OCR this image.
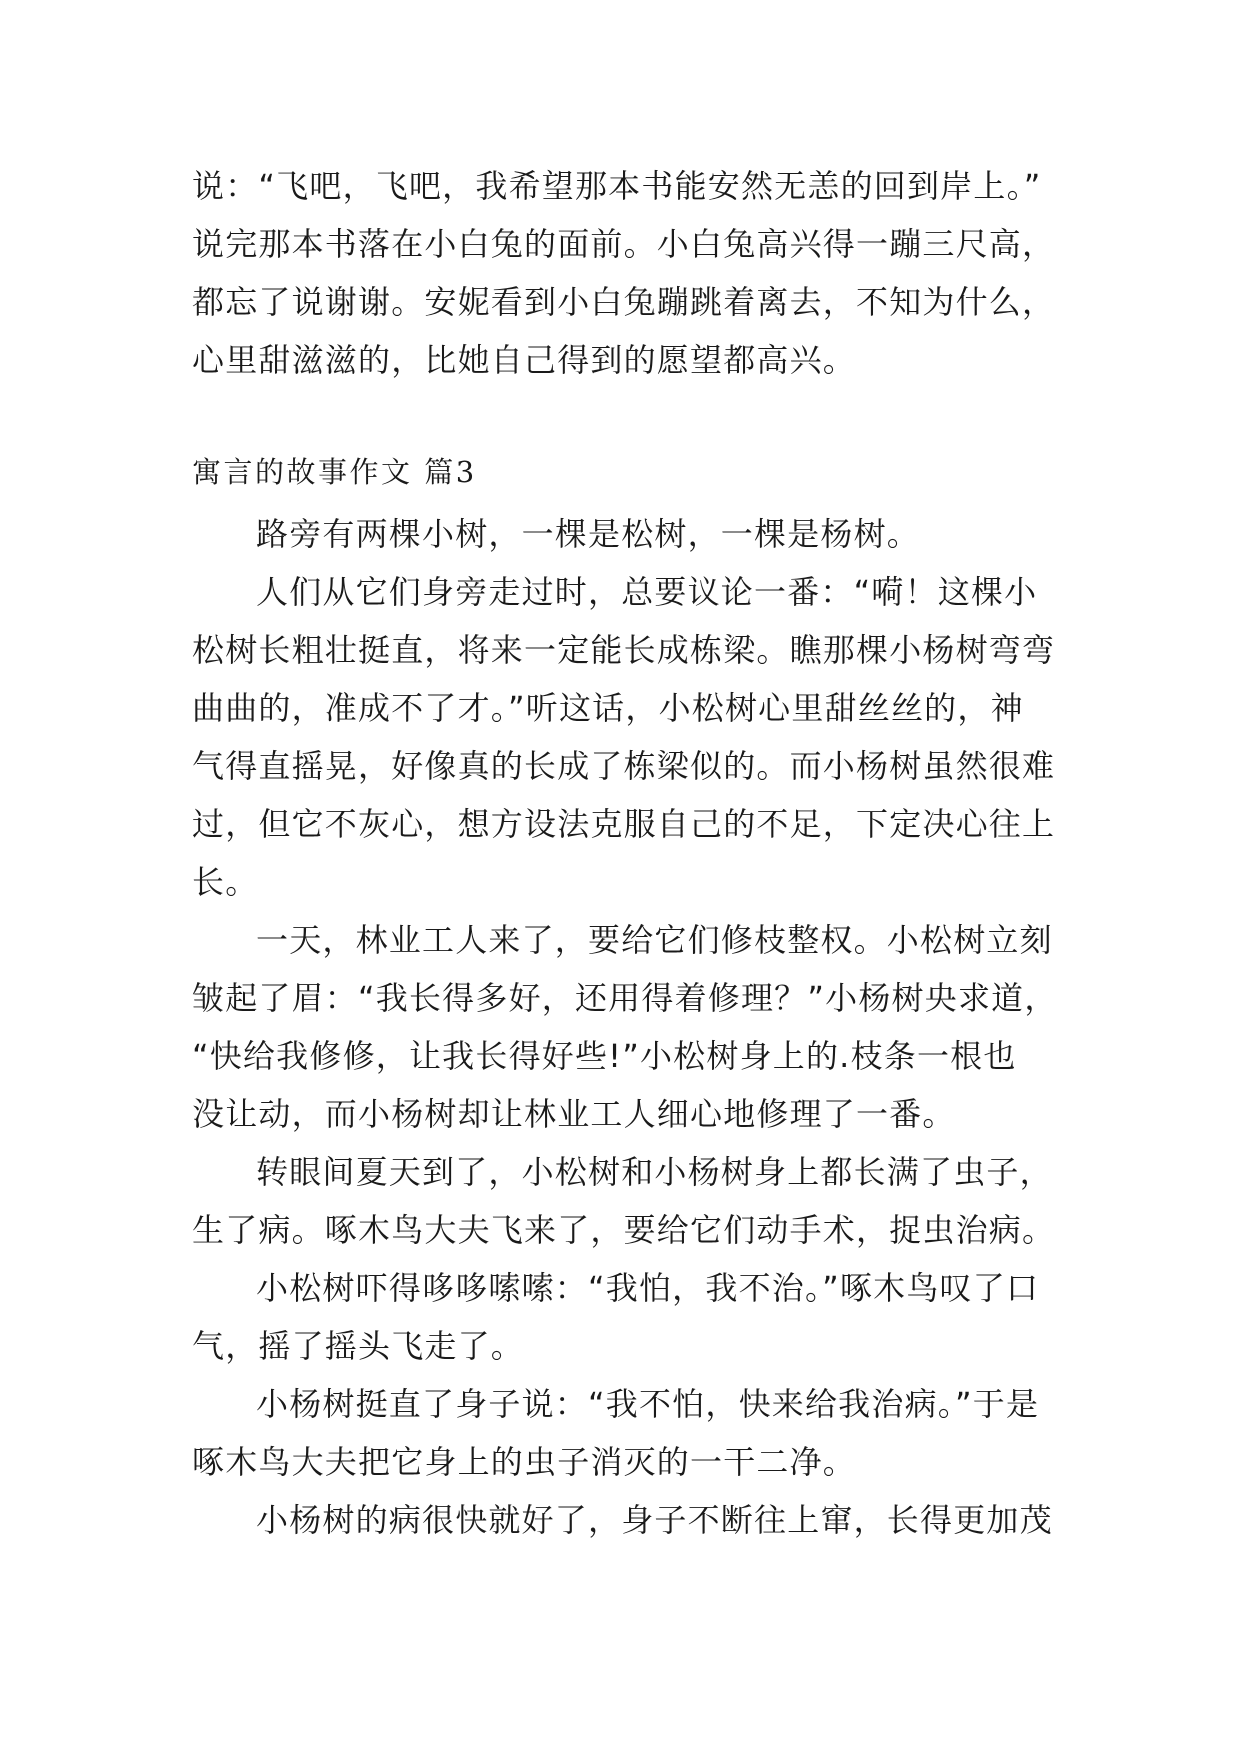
说：“飞吧，飞吧，我希望那本书能安然无恙的回到岸上。”

说完那本书落在小白兔的面前。小白兔高兴得一蹦三尺高，

都忘了说谢谢。安妮看到小白兔蹦跳着离去，不知为什么，

心里甜滋滋的，比她自己得到的愿望都高兴。

寓言的故事作文 篇3

路旁有两棵小树，一棵是松树，一棵是杨树。

人们从它们身旁走过时，总要议论一番：“嗬！这棵小

松树长粗壮挺直，将来一定能长成栋梁。瞧那棵小杨树弯弯

曲曲的，准成不了才。”听这话，小松树心里甜丝丝的，神

气得直摇晃，好像真的长成了栋梁似的。而小杨树虽然很难

过，但它不灰心，想方设法克服自己的不足，下定决心往上

长。

一天，林业工人来了，要给它们修枝整权。小松树立刻

皱起了眉：“我长得多好，还用得着修理？”小杨树央求道，

“快给我修修，让我长得好些!”小松树身上的.枝条一根也

没让动，而小杨树却让林业工人细心地修理了一番。

转眼间夏天到了，小松树和小杨树身上都长满了虫子，

生了病。啄木鸟大夫飞来了，要给它们动手术，捉虫治病。

小松树吓得哆哆嗦嗦：“我怕，我不治。”啄木鸟叹了口

气，摇了摇头飞走了。

小杨树挺直了身子说：“我不怕，快来给我治病。”于是

啄木鸟大夫把它身上的虫子消灭的一干二净。

小杨树的病很快就好了，身子不断往上窜，长得更加茂
